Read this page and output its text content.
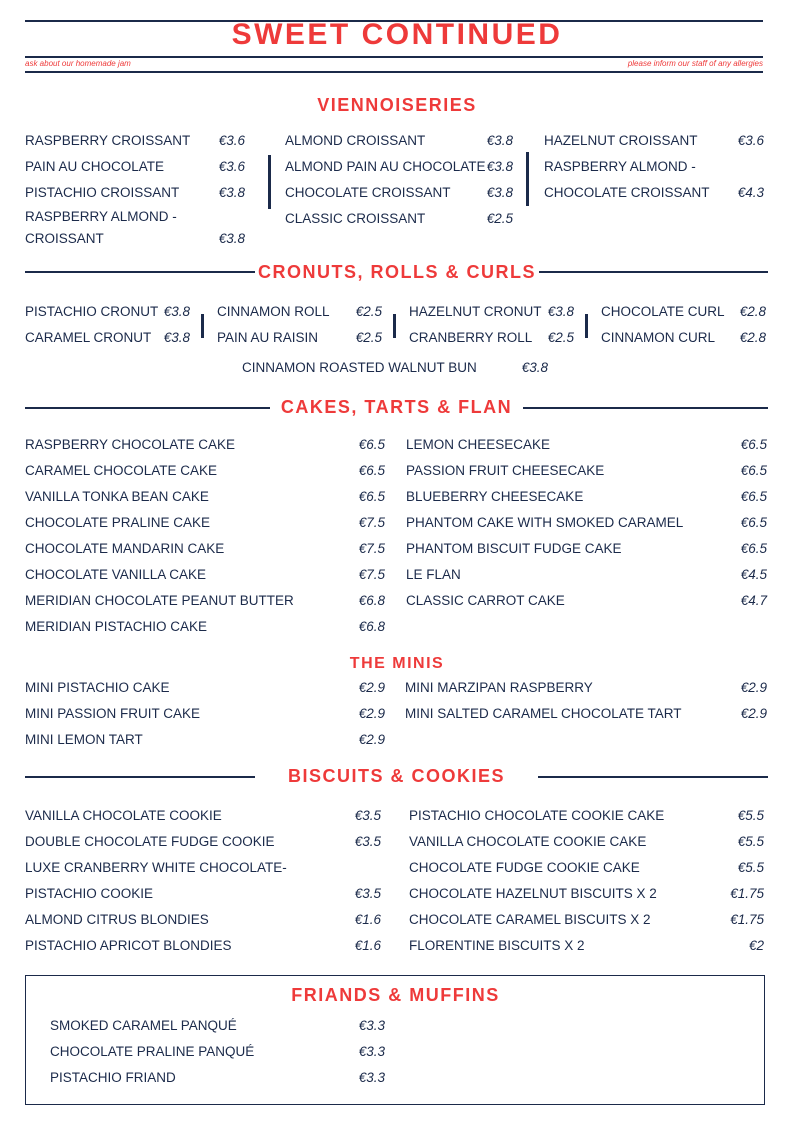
SWEET CONTINUED
ask about our homemade jam	please inform our staff of any allergies
VIENNOISERIES
RASPBERRY CROISSANT	€3.6
PAIN AU CHOCOLATE	€3.6
PISTACHIO CROISSANT	€3.8
RASPBERRY ALMOND -
CROISSANT	€3.8
ALMOND CROISSANT	€3.8
ALMOND PAIN AU CHOCOLATE €3.8
CHOCOLATE CROISSANT	€3.8
CLASSIC CROISSANT	€2.5
HAZELNUT CROISSANT	€3.6
RASPBERRY ALMOND -
CHOCOLATE CROISSANT	€4.3
CRONUTS, ROLLS & CURLS
PISTACHIO CRONUT €3.8
CARAMEL CRONUT €3.8
CINNAMON ROLL	€2.5
PAIN AU RAISIN	€2.5
HAZELNUT CRONUT €3.8
CRANBERRY ROLL	€2.5
CHOCOLATE CURL	€2.8
CINNAMON CURL	€2.8
CINNAMON ROASTED WALNUT BUN	€3.8
CAKES, TARTS & FLAN
RASPBERRY CHOCOLATE CAKE	€6.5
CARAMEL CHOCOLATE CAKE	€6.5
VANILLA TONKA BEAN CAKE	€6.5
CHOCOLATE PRALINE CAKE	€7.5
CHOCOLATE MANDARIN CAKE	€7.5
CHOCOLATE VANILLA CAKE	€7.5
MERIDIAN CHOCOLATE PEANUT BUTTER	€6.8
MERIDIAN PISTACHIO CAKE	€6.8
LEMON CHEESECAKE	€6.5
PASSION FRUIT CHEESECAKE	€6.5
BLUEBERRY CHEESECAKE	€6.5
PHANTOM CAKE WITH SMOKED CARAMEL	€6.5
PHANTOM BISCUIT FUDGE CAKE	€6.5
LE FLAN	€4.5
CLASSIC CARROT CAKE	€4.7
THE MINIS
MINI PISTACHIO CAKE	€2.9
MINI PASSION FRUIT CAKE	€2.9
MINI LEMON TART	€2.9
MINI MARZIPAN RASPBERRY	€2.9
MINI SALTED CARAMEL CHOCOLATE TART	€2.9
BISCUITS & COOKIES
VANILLA CHOCOLATE COOKIE	€3.5
DOUBLE CHOCOLATE FUDGE COOKIE	€3.5
LUXE CRANBERRY WHITE CHOCOLATE-
PISTACHIO COOKIE	€3.5
ALMOND CITRUS BLONDIES	€1.6
PISTACHIO APRICOT BLONDIES	€1.6
PISTACHIO CHOCOLATE COOKIE CAKE	€5.5
VANILLA CHOCOLATE COOKIE CAKE	€5.5
CHOCOLATE FUDGE COOKIE CAKE	€5.5
CHOCOLATE HAZELNUT BISCUITS X 2	€1.75
CHOCOLATE CARAMEL BISCUITS X 2	€1.75
FLORENTINE BISCUITS X 2	€2
FRIANDS & MUFFINS
SMOKED CARAMEL PANQUÉ	€3.3
CHOCOLATE PRALINE PANQUÉ	€3.3
PISTACHIO FRIAND	€3.3
